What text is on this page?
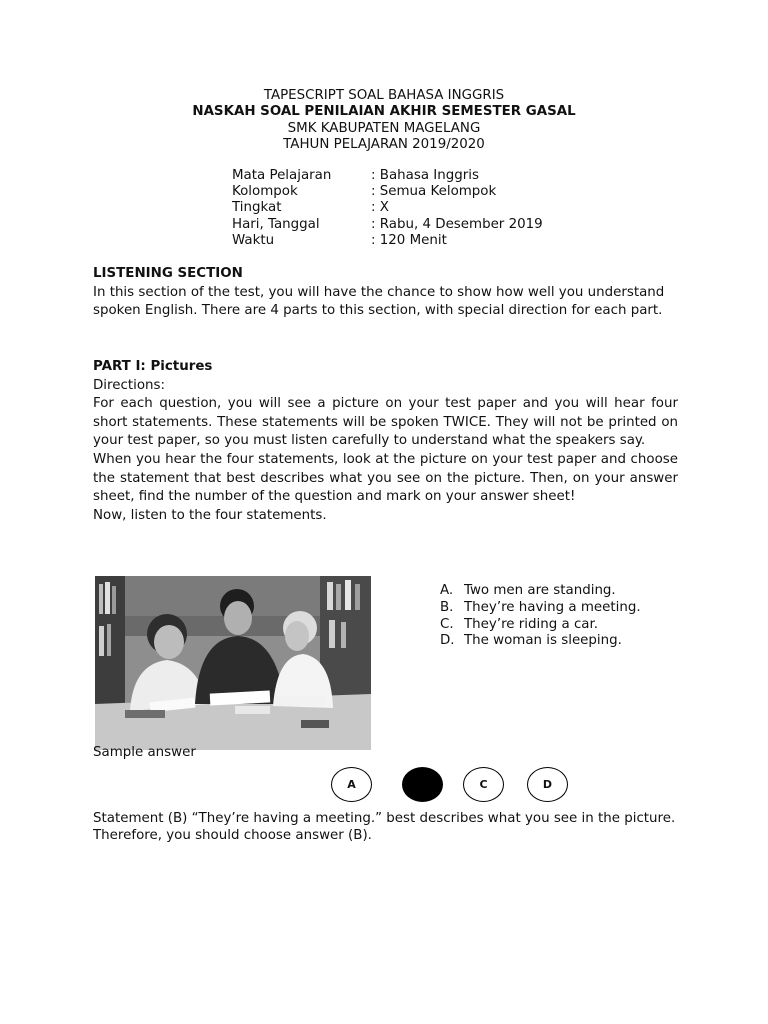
TAPESCRIPT SOAL BAHASA INGGRIS
NASKAH SOAL PENILAIAN AKHIR SEMESTER GASAL
SMK KABUPATEN MAGELANG
TAHUN PELAJARAN 2019/2020
Mata Pelajaran	: Bahasa Inggris
Kolompok	: Semua Kelompok
Tingkat	: X
Hari, Tanggal	: Rabu, 4 Desember 2019
Waktu	: 120 Menit
LISTENING SECTION
In this section of the test, you will have the chance to show how well you understand spoken English. There are 4 parts to this section, with special direction for each part.
PART I: Pictures
Directions:
For each question, you will see a picture on your test paper and you will hear four short statements. These statements will be spoken TWICE. They will not be printed on your test paper, so you must listen carefully to understand what the speakers say.
When you hear the four statements, look at the picture on your test paper and choose the statement that best describes what you see on the picture. Then, on your answer sheet, find the number of the question and mark on your answer sheet!
Now, listen to the four statements.
A. Two men are standing.
B. They’re having a meeting.
C. They’re riding a car.
D. The woman is sleeping.
Sample answer
A	C	D
Statement (B) “They’re having a meeting.” best describes what you see in the picture. Therefore, you should choose answer (B).
